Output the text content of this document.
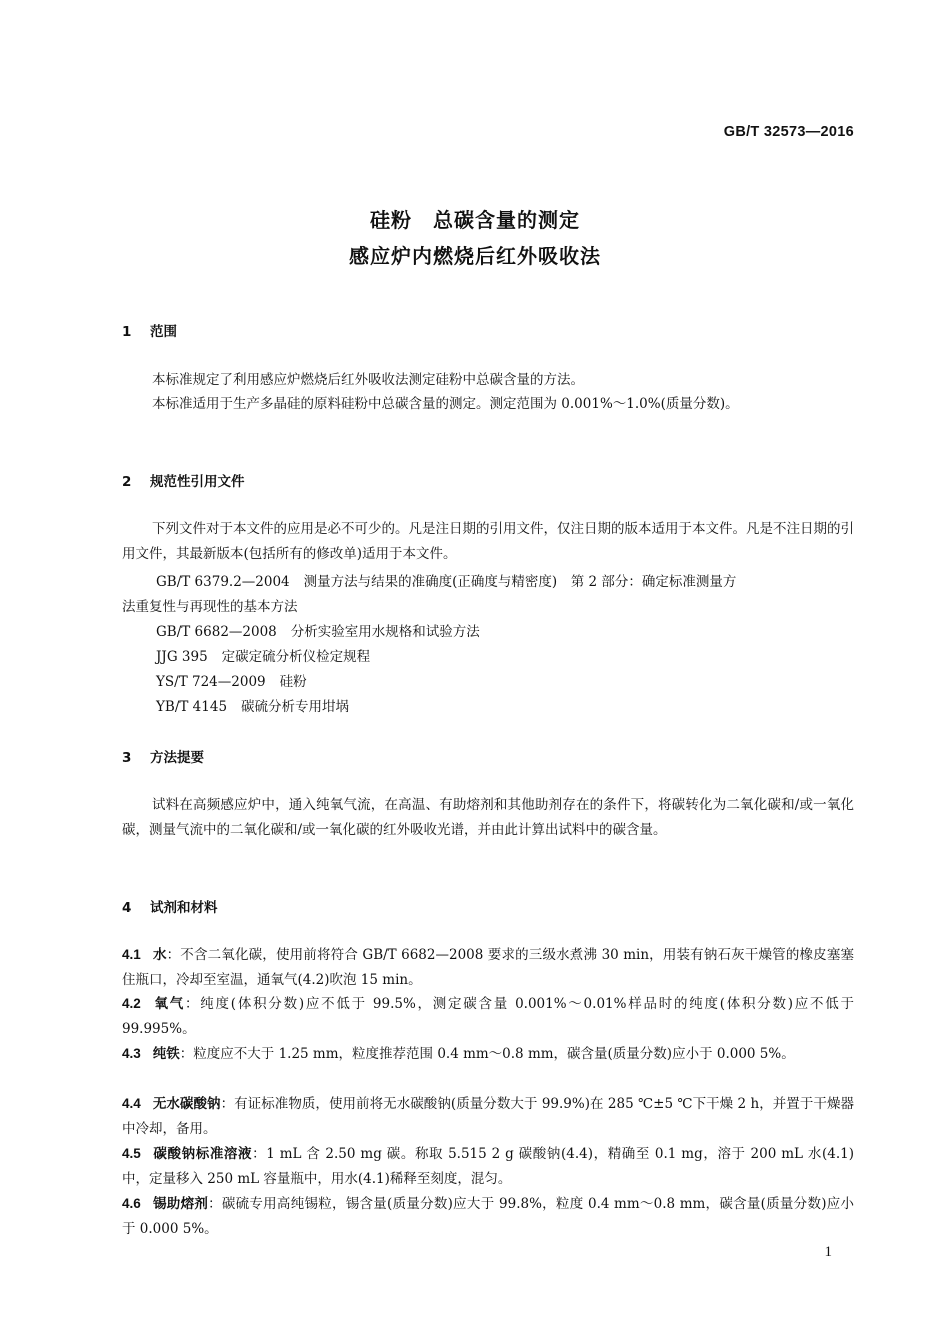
GB/T 32573—2016
硅粉　总碳含量的测定
感应炉内燃烧后红外吸收法
1 范围
本标准规定了利用感应炉燃烧后红外吸收法测定硅粉中总碳含量的方法。
本标准适用于生产多晶硅的原料硅粉中总碳含量的测定。测定范围为 0.001%～1.0%(质量分数)。
2 规范性引用文件
下列文件对于本文件的应用是必不可少的。凡是注日期的引用文件，仅注日期的版本适用于本文件。凡是不注日期的引用文件，其最新版本(包括所有的修改单)适用于本文件。
GB/T 6379.2—2004 测量方法与结果的准确度(正确度与精密度)　第 2 部分：确定标准测量方
法重复性与再现性的基本方法
GB/T 6682—2008 分析实验室用水规格和试验方法
JJG 395 定碳定硫分析仪检定规程
YS/T 724—2009 硅粉
YB/T 4145 碳硫分析专用坩埚
3 方法提要
试料在高频感应炉中，通入纯氧气流，在高温、有助熔剂和其他助剂存在的条件下，将碳转化为二氧化碳和/或一氧化碳，测量气流中的二氧化碳和/或一氧化碳的红外吸收光谱，并由此计算出试料中的碳含量。
4 试剂和材料
4.1 水：不含二氧化碳，使用前将符合 GB/T 6682—2008 要求的三级水煮沸 30 min，用装有钠石灰干燥管的橡皮塞塞住瓶口，冷却至室温，通氧气(4.2)吹泡 15 min。
4.2 氧气：纯度(体积分数)应不低于 99.5%，测定碳含量 0.001%～0.01%样品时的纯度(体积分数)应不低于 99.995%。
4.3 纯铁：粒度应不大于 1.25 mm，粒度推荐范围 0.4 mm～0.8 mm，碳含量(质量分数)应小于 0.000 5%。
4.4 无水碳酸钠：有证标准物质，使用前将无水碳酸钠(质量分数大于 99.9%)在 285 ℃±5 ℃下干燥 2 h，并置于干燥器中冷却，备用。
4.5 碳酸钠标准溶液：1 mL 含 2.50 mg 碳。称取 5.515 2 g 碳酸钠(4.4)，精确至 0.1 mg，溶于 200 mL 水(4.1)中，定量移入 250 mL 容量瓶中，用水(4.1)稀释至刻度，混匀。
4.6 锡助熔剂：碳硫专用高纯锡粒，锡含量(质量分数)应大于 99.8%，粒度 0.4 mm～0.8 mm，碳含量(质量分数)应小于 0.000 5%。
1
